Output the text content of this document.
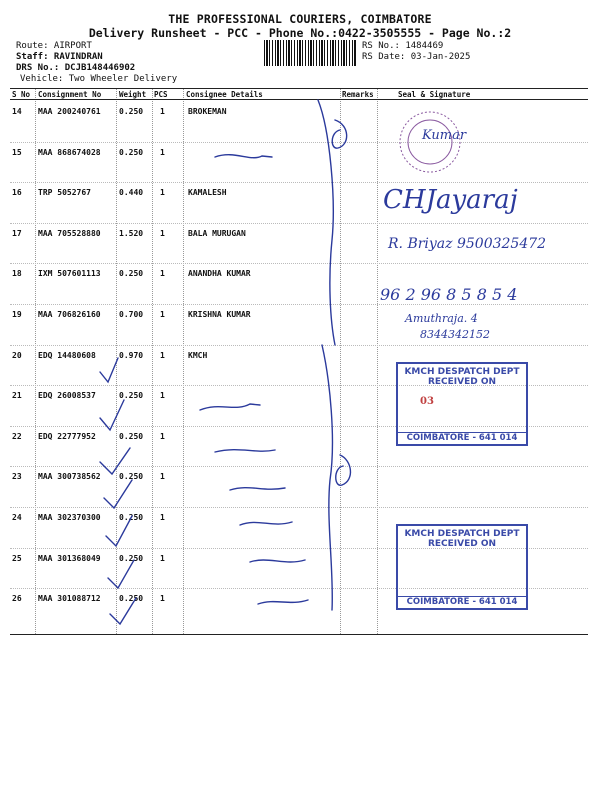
THE PROFESSIONAL COURIERS, COIMBATORE
Delivery Runsheet - PCC - Phone No.:0422-3505555 - Page No.:2
Route: AIRPORT
Staff: RAVINDRAN
DRS No.: DCJB148446902
Vehicle: Two Wheeler Delivery
RS No.: 1484469
RS Date: 03-Jan-2025
S No Consignment No Weight PCS Consignee Details	Remarks	Seal & Signature
14 MAA 200240761 0.250 1	BROKEMAN
15 MAA 868674028 0.250 1
16 TRP 5052767	0.440 1	KAMALESH
17 MAA 705528880 1.520 1	BALA MURUGAN
18 IXM 507601113 0.250 1	ANANDHA KUMAR
19 MAA 706826160 0.700 1	KRISHNA KUMAR
20 EDQ 14480608	0.970 1	KMCH
21 EDQ 26008537	0.250 1
22 EDQ 22777952	0.250 1
23 MAA 300738562 0.250 1
24 MAA 302370300 0.250 1
25 MAA 301368049 0.250 1
26 MAA 301088712 0.250 1
Kumar
CHJayaraj
R. Briyaz 9500325472
96 2 96 8 5 8 5 4
Amuthraja. 4
8344342152
KMCH DESPATCH DEPT
RECEIVED ON
03
COIMBATORE - 641 014
KMCH DESPATCH DEPT
RECEIVED ON
COIMBATORE - 641 014
